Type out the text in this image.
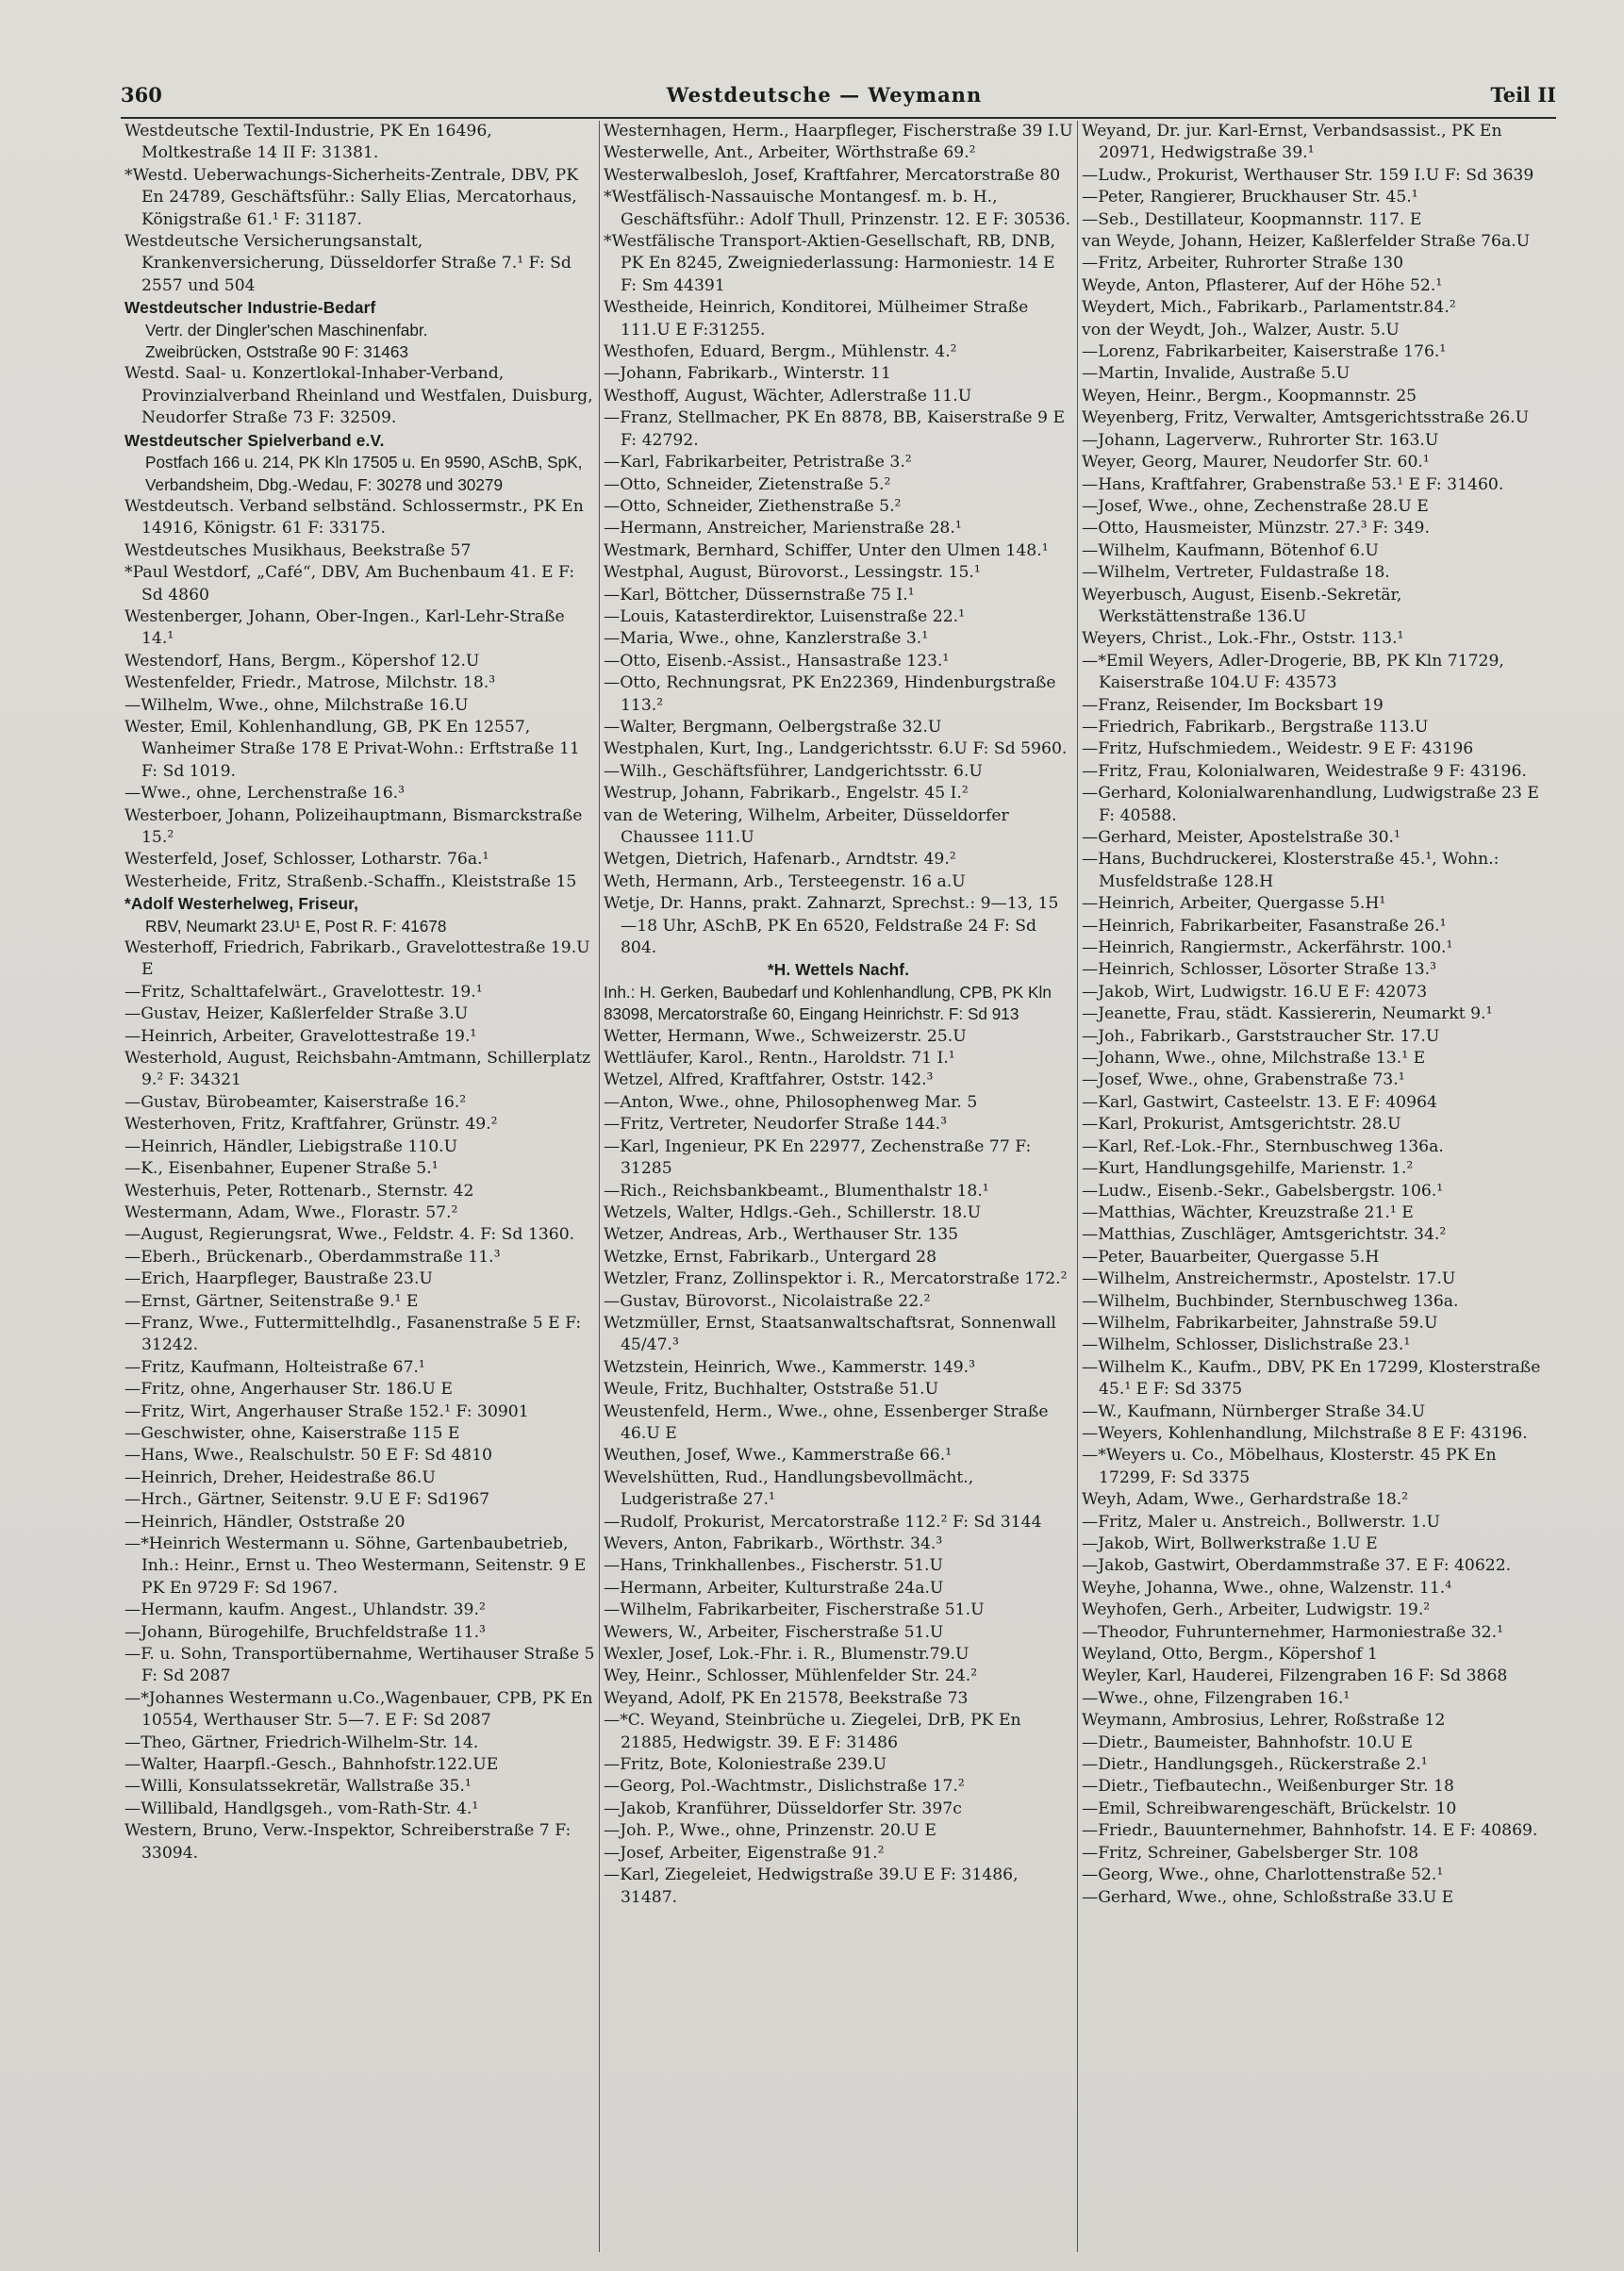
360	Westdeutsche — Weymann	Teil II
Westdeutsche Textil-Industrie, PK En 16496, Moltkestraße 14 II F: 31381.
*Westd. Ueberwachungs-Sicherheits-Zentrale, DBV, PK En 24789, Geschäftsführ.: Sally Elias, Mercatorhaus, Königstraße 61.¹ F: 31187.
Westdeutsche Versicherungsanstalt, Krankenversicherung, Düsseldorfer Straße 7.¹ F: Sd 2557 und 504
Westdeutscher Industrie-Bedarf
Vertr. der Dingler'schen Maschinenfabr.
Zweibrücken, Oststraße 90 F: 31463
Westd. Saal- u. Konzertlokal-Inhaber-Verband, Provinzialverband Rheinland und Westfalen, Duisburg, Neudorfer Straße 73 F: 32509.
Westdeutscher Spielverband e.V.
Postfach 166 u. 214, PK Kln 17505 u. En 9590, ASchB, SpK, Verbandsheim, Dbg.-Wedau, F: 30278 und 30279
Westdeutsch. Verband selbständ. Schlossermstr., PK En 14916, Königstr. 61 F: 33175.
Westdeutsches Musikhaus, Beekstraße 57
*Paul Westdorf, „Café“, DBV, Am Buchenbaum 41. E F: Sd 4860
Westenberger, Johann, Ober-Ingen., Karl-Lehr-Straße 14.¹
Westendorf, Hans, Bergm., Köpershof 12.U
Westenfelder, Friedr., Matrose, Milchstr. 18.³
—Wilhelm, Wwe., ohne, Milchstraße 16.U
Wester, Emil, Kohlenhandlung, GB, PK En 12557, Wanheimer Straße 178 E Privat-Wohn.: Erftstraße 11 F: Sd 1019.
—Wwe., ohne, Lerchenstraße 16.³
Westerboer, Johann, Polizeihauptmann, Bismarckstraße 15.²
Westerfeld, Josef, Schlosser, Lotharstr. 76a.¹
Westerheide, Fritz, Straßenb.-Schaffn., Kleiststraße 15
*Adolf Westerhelweg, Friseur,
RBV, Neumarkt 23.U¹ E, Post R. F: 41678
Westerhoff, Friedrich, Fabrikarb., Gravelottestraße 19.U E
—Fritz, Schalttafelwärt., Gravelottestr. 19.¹
—Gustav, Heizer, Kaßlerfelder Straße 3.U
—Heinrich, Arbeiter, Gravelottestraße 19.¹
Westerhold, August, Reichsbahn-Amtmann, Schillerplatz 9.² F: 34321
—Gustav, Bürobeamter, Kaiserstraße 16.²
Westerhoven, Fritz, Kraftfahrer, Grünstr. 49.²
—Heinrich, Händler, Liebigstraße 110.U
—K., Eisenbahner, Eupener Straße 5.¹
Westerhuis, Peter, Rottenarb., Sternstr. 42
Westermann, Adam, Wwe., Florastr. 57.²
—August, Regierungsrat, Wwe., Feldstr. 4. F: Sd 1360.
—Eberh., Brückenarb., Oberdammstraße 11.³
—Erich, Haarpfleger, Baustraße 23.U
—Ernst, Gärtner, Seitenstraße 9.¹ E
—Franz, Wwe., Futtermittelhdlg., Fasanenstraße 5 E F: 31242.
—Fritz, Kaufmann, Holteistraße 67.¹
—Fritz, ohne, Angerhauser Str. 186.U E
—Fritz, Wirt, Angerhauser Straße 152.¹ F: 30901
—Geschwister, ohne, Kaiserstraße 115 E
—Hans, Wwe., Realschulstr. 50 E F: Sd 4810
—Heinrich, Dreher, Heidestraße 86.U
—Hrch., Gärtner, Seitenstr. 9.U E F: Sd1967
—Heinrich, Händler, Oststraße 20
—*Heinrich Westermann u. Söhne, Gartenbaubetrieb, Inh.: Heinr., Ernst u. Theo Westermann, Seitenstr. 9 E PK En 9729 F: Sd 1967.
—Hermann, kaufm. Angest., Uhlandstr. 39.²
—Johann, Bürogehilfe, Bruchfeldstraße 11.³
—F. u. Sohn, Transportübernahme, Wertihauser Straße 5 F: Sd 2087
—*Johannes Westermann u.Co.,Wagenbauer, CPB, PK En 10554, Werthauser Str. 5—7. E F: Sd 2087
—Theo, Gärtner, Friedrich-Wilhelm-Str. 14.
—Walter, Haarpfl.-Gesch., Bahnhofstr.122.UE
—Willi, Konsulatssekretär, Wallstraße 35.¹
—Willibald, Handlgsgeh., vom-Rath-Str. 4.¹
Western, Bruno, Verw.-Inspektor, Schreiberstraße 7 F: 33094.
Westernhagen, Herm., Haarpfleger, Fischerstraße 39 I.U
Westerwelle, Ant., Arbeiter, Wörthstraße 69.²
Westerwalbesloh, Josef, Kraftfahrer, Mercatorstraße 80
*Westfälisch-Nassauische Montangesf. m. b. H., Geschäftsführ.: Adolf Thull, Prinzenstr. 12. E F: 30536.
*Westfälische Transport-Aktien-Gesellschaft, RB, DNB, PK En 8245, Zweigniederlassung: Harmoniestr. 14 E F: Sm 44391
Westheide, Heinrich, Konditorei, Mülheimer Straße 111.U E F:31255.
Westhofen, Eduard, Bergm., Mühlenstr. 4.²
—Johann, Fabrikarb., Winterstr. 11
Westhoff, August, Wächter, Adlerstraße 11.U
—Franz, Stellmacher, PK En 8878, BB, Kaiserstraße 9 E F: 42792.
—Karl, Fabrikarbeiter, Petristraße 3.²
—Otto, Schneider, Zietenstraße 5.²
—Otto, Schneider, Ziethenstraße 5.²
—Hermann, Anstreicher, Marienstraße 28.¹
Westmark, Bernhard, Schiffer, Unter den Ulmen 148.¹
Westphal, August, Bürovorst., Lessingstr. 15.¹
—Karl, Böttcher, Düssernstraße 75 I.¹
—Louis, Katasterdirektor, Luisenstraße 22.¹
—Maria, Wwe., ohne, Kanzlerstraße 3.¹
—Otto, Eisenb.-Assist., Hansastraße 123.¹
—Otto, Rechnungsrat, PK En22369, Hindenburgstraße 113.²
—Walter, Bergmann, Oelbergstraße 32.U
Westphalen, Kurt, Ing., Landgerichtsstr. 6.U F: Sd 5960.
—Wilh., Geschäftsführer, Landgerichtsstr. 6.U
Westrup, Johann, Fabrikarb., Engelstr. 45 I.²
van de Wetering, Wilhelm, Arbeiter, Düsseldorfer Chaussee 111.U
Wetgen, Dietrich, Hafenarb., Arndtstr. 49.²
Weth, Hermann, Arb., Tersteegenstr. 16 a.U
Wetje, Dr. Hanns, prakt. Zahnarzt, Sprechst.: 9—13, 15—18 Uhr, ASchB, PK En 6520, Feldstraße 24 F: Sd 804.
*H. Wettels Nachf.
Inh.: H. Gerken, Baubedarf und Kohlenhandlung, CPB, PK Kln 83098, Mercatorstraße 60, Eingang Heinrichstr. F: Sd 913
Wetter, Hermann, Wwe., Schweizerstr. 25.U
Wettläufer, Karol., Rentn., Haroldstr. 71 I.¹
Wetzel, Alfred, Kraftfahrer, Oststr. 142.³
—Anton, Wwe., ohne, Philosophenweg Mar. 5
—Fritz, Vertreter, Neudorfer Straße 144.³
—Karl, Ingenieur, PK En 22977, Zechenstraße 77 F: 31285
—Rich., Reichsbankbeamt., Blumenthalstr 18.¹
Wetzels, Walter, Hdlgs.-Geh., Schillerstr. 18.U
Wetzer, Andreas, Arb., Werthauser Str. 135
Wetzke, Ernst, Fabrikarb., Untergard 28
Wetzler, Franz, Zollinspektor i. R., Mercatorstraße 172.²
—Gustav, Bürovorst., Nicolaistraße 22.²
Wetzmüller, Ernst, Staatsanwaltschaftsrat, Sonnenwall 45/47.³
Wetzstein, Heinrich, Wwe., Kammerstr. 149.³
Weule, Fritz, Buchhalter, Oststraße 51.U
Weustenfeld, Herm., Wwe., ohne, Essenberger Straße 46.U E
Weuthen, Josef, Wwe., Kammerstraße 66.¹
Wevelshütten, Rud., Handlungsbevollmächt., Ludgeristraße 27.¹
—Rudolf, Prokurist, Mercatorstraße 112.² F: Sd 3144
Wevers, Anton, Fabrikarb., Wörthstr. 34.³
—Hans, Trinkhallenbes., Fischerstr. 51.U
—Hermann, Arbeiter, Kulturstraße 24a.U
—Wilhelm, Fabrikarbeiter, Fischerstraße 51.U
Wewers, W., Arbeiter, Fischerstraße 51.U
Wexler, Josef, Lok.-Fhr. i. R., Blumenstr.79.U
Wey, Heinr., Schlosser, Mühlenfelder Str. 24.²
Weyand, Adolf, PK En 21578, Beekstraße 73
—*C. Weyand, Steinbrüche u. Ziegelei, DrB, PK En 21885, Hedwigstr. 39. E F: 31486
—Fritz, Bote, Koloniestraße 239.U
—Georg, Pol.-Wachtmstr., Dislichstraße 17.²
—Jakob, Kranführer, Düsseldorfer Str. 397c
—Joh. P., Wwe., ohne, Prinzenstr. 20.U E
—Josef, Arbeiter, Eigenstraße 91.²
—Karl, Ziegeleiet, Hedwigstraße 39.U E F: 31486, 31487.
Weyand, Dr. jur. Karl-Ernst, Verbandsassist., PK En 20971, Hedwigstraße 39.¹
—Ludw., Prokurist, Werthauser Str. 159 I.U F: Sd 3639
—Peter, Rangierer, Bruckhauser Str. 45.¹
—Seb., Destillateur, Koopmannstr. 117. E
van Weyde, Johann, Heizer, Kaßlerfelder Straße 76a.U
—Fritz, Arbeiter, Ruhrorter Straße 130
Weyde, Anton, Pflasterer, Auf der Höhe 52.¹
Weydert, Mich., Fabrikarb., Parlamentstr.84.²
von der Weydt, Joh., Walzer, Austr. 5.U
—Lorenz, Fabrikarbeiter, Kaiserstraße 176.¹
—Martin, Invalide, Austraße 5.U
Weyen, Heinr., Bergm., Koopmannstr. 25
Weyenberg, Fritz, Verwalter, Amtsgerichtsstraße 26.U
—Johann, Lagerverw., Ruhrorter Str. 163.U
Weyer, Georg, Maurer, Neudorfer Str. 60.¹
—Hans, Kraftfahrer, Grabenstraße 53.¹ E F: 31460.
—Josef, Wwe., ohne, Zechenstraße 28.U E
—Otto, Hausmeister, Münzstr. 27.³ F: 349.
—Wilhelm, Kaufmann, Bötenhof 6.U
—Wilhelm, Vertreter, Fuldastraße 18.
Weyerbusch, August, Eisenb.-Sekretär, Werkstättenstraße 136.U
Weyers, Christ., Lok.-Fhr., Oststr. 113.¹
—*Emil Weyers, Adler-Drogerie, BB, PK Kln 71729, Kaiserstraße 104.U F: 43573
—Franz, Reisender, Im Bocksbart 19
—Friedrich, Fabrikarb., Bergstraße 113.U
—Fritz, Hufschmiedem., Weidestr. 9 E F: 43196
—Fritz, Frau, Kolonialwaren, Weidestraße 9 F: 43196.
—Gerhard, Kolonialwarenhandlung, Ludwigstraße 23 E F: 40588.
—Gerhard, Meister, Apostelstraße 30.¹
—Hans, Buchdruckerei, Klosterstraße 45.¹, Wohn.: Musfeldstraße 128.H
—Heinrich, Arbeiter, Quergasse 5.H¹
—Heinrich, Fabrikarbeiter, Fasanstraße 26.¹
—Heinrich, Rangiermstr., Ackerfährstr. 100.¹
—Heinrich, Schlosser, Lösorter Straße 13.³
—Jakob, Wirt, Ludwigstr. 16.U E F: 42073
—Jeanette, Frau, städt. Kassiererin, Neumarkt 9.¹
—Joh., Fabrikarb., Garststraucher Str. 17.U
—Johann, Wwe., ohne, Milchstraße 13.¹ E
—Josef, Wwe., ohne, Grabenstraße 73.¹
—Karl, Gastwirt, Casteelstr. 13. E F: 40964
—Karl, Prokurist, Amtsgerichtstr. 28.U
—Karl, Ref.-Lok.-Fhr., Sternbuschweg 136a.
—Kurt, Handlungsgehilfe, Marienstr. 1.²
—Ludw., Eisenb.-Sekr., Gabelsbergstr. 106.¹
—Matthias, Wächter, Kreuzstraße 21.¹ E
—Matthias, Zuschläger, Amtsgerichtstr. 34.²
—Peter, Bauarbeiter, Quergasse 5.H
—Wilhelm, Anstreichermstr., Apostelstr. 17.U
—Wilhelm, Buchbinder, Sternbuschweg 136a.
—Wilhelm, Fabrikarbeiter, Jahnstraße 59.U
—Wilhelm, Schlosser, Dislichstraße 23.¹
—Wilhelm K., Kaufm., DBV, PK En 17299, Klosterstraße 45.¹ E F: Sd 3375
—W., Kaufmann, Nürnberger Straße 34.U
—Weyers, Kohlenhandlung, Milchstraße 8 E F: 43196.
—*Weyers u. Co., Möbelhaus, Klosterstr. 45 PK En 17299, F: Sd 3375
Weyh, Adam, Wwe., Gerhardstraße 18.²
—Fritz, Maler u. Anstreich., Bollwerstr. 1.U
—Jakob, Wirt, Bollwerkstraße 1.U E
—Jakob, Gastwirt, Oberdammstraße 37. E F: 40622.
Weyhe, Johanna, Wwe., ohne, Walzenstr. 11.⁴
Weyhofen, Gerh., Arbeiter, Ludwigstr. 19.²
—Theodor, Fuhrunternehmer, Harmoniestraße 32.¹
Weyland, Otto, Bergm., Köpershof 1
Weyler, Karl, Hauderei, Filzengraben 16 F: Sd 3868
—Wwe., ohne, Filzengraben 16.¹
Weymann, Ambrosius, Lehrer, Roßstraße 12
—Dietr., Baumeister, Bahnhofstr. 10.U E
—Dietr., Handlungsgeh., Rückerstraße 2.¹
—Dietr., Tiefbautechn., Weißenburger Str. 18
—Emil, Schreibwarengeschäft, Brückelstr. 10
—Friedr., Bauunternehmer, Bahnhofstr. 14. E F: 40869.
—Fritz, Schreiner, Gabelsberger Str. 108
—Georg, Wwe., ohne, Charlottenstraße 52.¹
—Gerhard, Wwe., ohne, Schloßstraße 33.U E
